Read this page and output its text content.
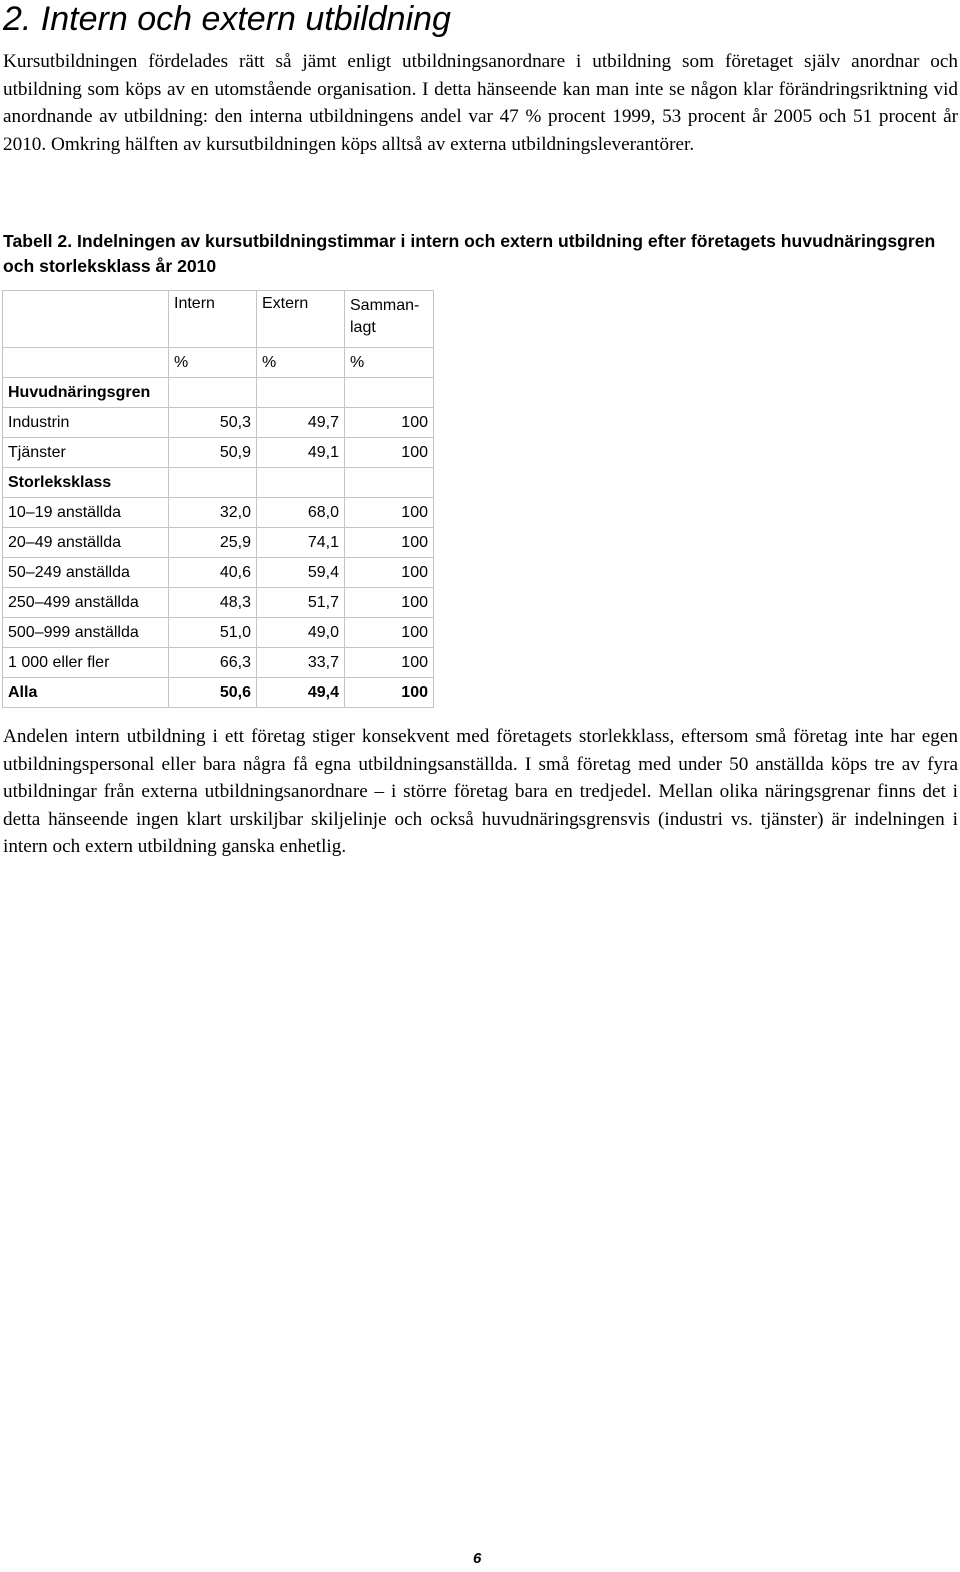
2. Intern och extern utbildning

Kursutbildningen fördelades rätt så jämt enligt utbildningsanordnare i utbildning som företaget själv anordnar och utbildning som köps av en utomstående organisation. I detta hänseende kan man inte se någon klar förändringsriktning vid anordnande av utbildning: den interna utbildningens andel var 47 % procent 1999, 53 procent år 2005 och 51 procent år 2010. Omkring hälften av kursutbildningen köps alltså av externa utbildningsleverantörer.

Tabell 2. Indelningen av kursutbildningstimmar i intern och extern utbildning efter företagets huvudnäringsgren och storleksklass år 2010

	Intern	Extern	Sammanlagt
	%	%	%
Huvudnäringsgren			
Industrin	50,3	49,7	100
Tjänster	50,9	49,1	100
Storleksklass			
10–19 anställda	32,0	68,0	100
20–49 anställda	25,9	74,1	100
50–249 anställda	40,6	59,4	100
250–499 anställda	48,3	51,7	100
500–999 anställda	51,0	49,0	100
1 000 eller fler	66,3	33,7	100
Alla	50,6	49,4	100

Andelen intern utbildning i ett företag stiger konsekvent med företagets storlekklass, eftersom små företag inte har egen utbildningspersonal eller bara några få egna utbildningsanställda. I små företag med under 50 anställda köps tre av fyra utbildningar från externa utbildningsanordnare – i större företag bara en tredjedel. Mellan olika näringsgrenar finns det i detta hänseende ingen klart urskiljbar skiljelinje och också huvudnäringsgrensvis (industri vs. tjänster) är indelningen i intern och extern utbildning ganska enhetlig.

6
